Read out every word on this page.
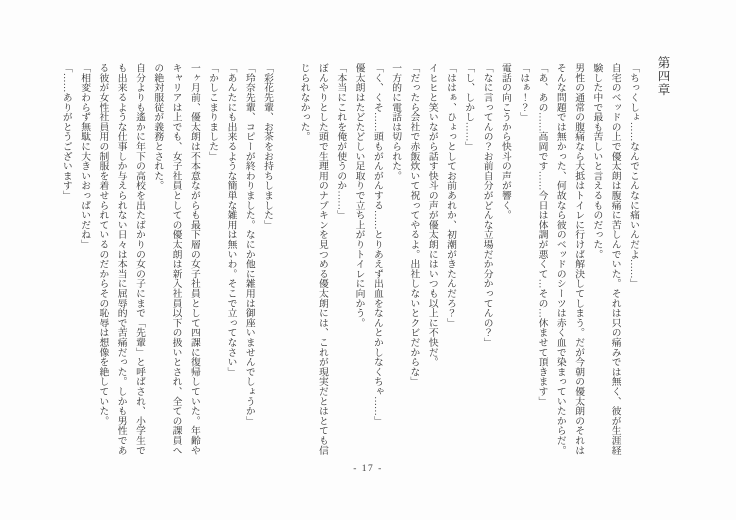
第四章

「ちっくしょ……なんでこんなに痛いんだよ……」

自宅のベッドの上で優太朗は腹痛に苦しんでいた。それは只の痛みでは無く、彼が生涯経

験した中で最も苦しいと言えるものだった。

男性の通常の腹痛なら大抵はトイレに行けば解決してしまう。だが今朝の優太朗のそれは

そんな問題では無かった、何故なら彼のベッドのシーツは赤く血で染まっていたからだ。

「あ、あの……高岡です……今日は体調が悪くて…その…休ませて頂きます」

「はぁ！？」

電話の向こうから快斗の声が響く。

「なに言ってんの？お前自分がどんな立場だか分かってんの？」

「し、しかし……」

「ははぁ、ひょっとしてお前あれか、初潮がきたんだろ？」

イヒヒと笑いながら話す快斗の声が優太朗にはいつも以上に不快だ。

「だったら会社で赤飯炊いて祝ってやるよ。出社しないとクビだからな」

一方的に電話は切られた。

「く、くそ……頭もがんがんする……とりあえず出血をなんとかしなくちゃ……」

優太朗はたどたどしい足取りで立ち上がりトイレに向かう。

「本当にこれを俺が使うのか……」

ぼんやりとした頭で生理用のナプキンを見つめる優太朗には、これが現実だとはとても信

じられなかった。

「彩花先輩、お茶をお持ちしました」

「玲奈先輩、コピーが終わりました。なにか他に雑用は御座いませんでしょうか」

「あんたにも出来るような簡単な雑用は無いわ。そこで立ってなさい」

「かしこまりました」

一ヶ月前、優太朗は不本意ながらも最下層の女子社員として四課に復帰していた。年齢や

キャリアは上でも、女子社員としての優太朗は新入社員以下の扱いとされ、全ての課員へ

の絶対服従が義務とされた。

自分よりも遙かに年下の高校を出たばかりの女の子にまで「先輩」と呼ばされ、小学生で

も出来るような仕事しか与えられない日々は本当に屈辱的で苦痛だった。しかも男性であ

る彼が女性社員用の制服を着せられているのだからその恥辱は想像を絶していた。

「相変わらず無駄に大きいおっぱいだね」

「……ありがとうございます」

- 17 -
